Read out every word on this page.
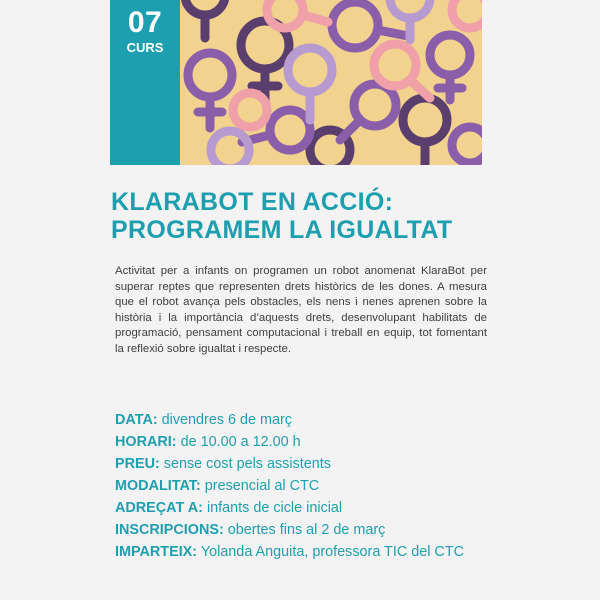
07
CURS
KLARABOT EN ACCIÓ:
PROGRAMEM LA IGUALTAT

Activitat per a infants on programen un robot anomenat KlaraBot per superar reptes que representen drets històrics de les dones. A mesura que el robot avança pels obstacles, els nens i nenes aprenen sobre la història i la importància d’aquests drets, desenvolupant habilitats de programació, pensament computacional i treball en equip, tot fomentant la reflexió sobre igualtat i respecte.

DATA: divendres 6 de març
HORARI: de 10.00 a 12.00 h
PREU: sense cost pels assistents
MODALITAT: presencial al CTC
ADREÇAT A: infants de cicle inicial
INSCRIPCIONS: obertes fins al 2 de març
IMPARTEIX: Yolanda Anguita, professora TIC del CTC
